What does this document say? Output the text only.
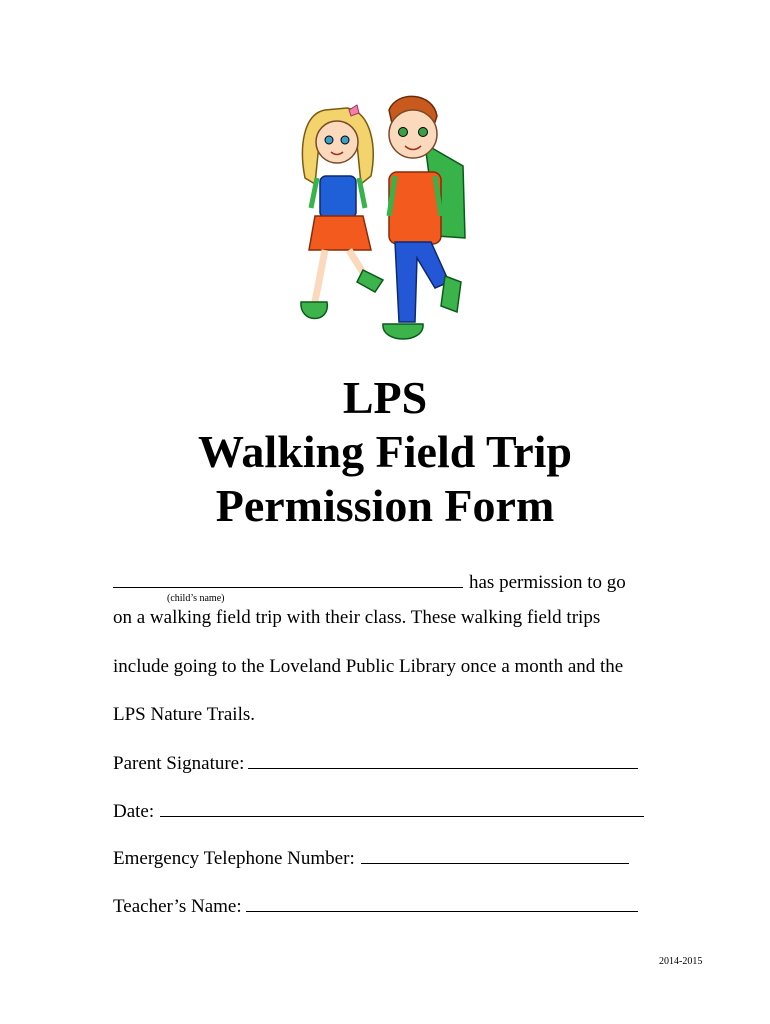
LPS
Walking Field Trip
Permission Form
has permission to go
(child’s name)
on a walking field trip with their class. These walking field trips
include going to the Loveland Public Library once a month and the
LPS Nature Trails.
Parent Signature:
Date:
Emergency Telephone Number:
Teacher’s Name:
2014-2015
